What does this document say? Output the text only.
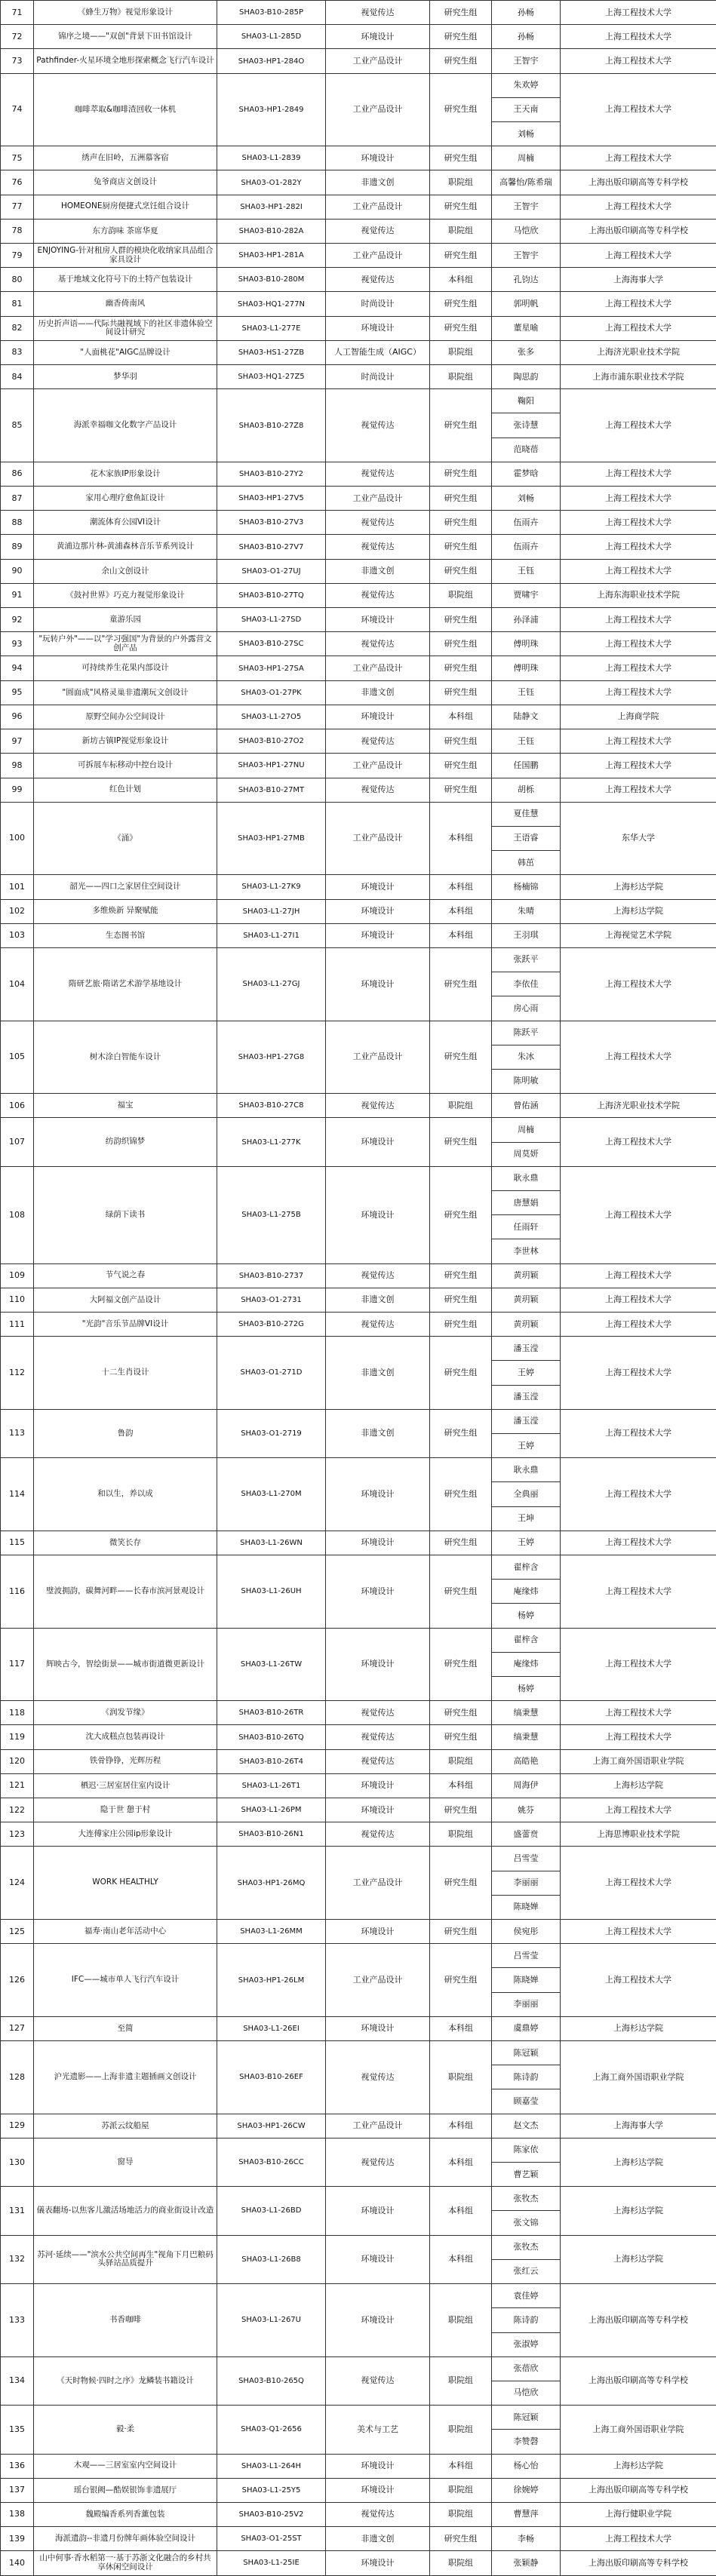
71	《蜂生万物》视觉形象设计	SHA03-B10-285P	视觉传达	研究生组	孙畅	上海工程技术大学
72	锦序之境——"双创"背景下田书馆设计	SHA03-L1-285D	环境设计	研究生组	孙畅	上海工程技术大学
73	Pathfinder-火星环境全地形探索概念飞行汽车设计	SHA03-HP1-284O	工业产品设计	研究生组	王智宇	上海工程技术大学
74	咖啡萃取&咖啡渣回收一体机	SHA03-HP1-2849	工业产品设计	研究生组	朱欢婷	上海工程技术大学
					王天南	
					刘畅	
75	绣声在旧岭，五洲慕客宿	SHA03-L1-2839	环境设计	研究生组	周楠	上海工程技术大学
76	兔爷商店文创设计	SHA03-O1-282Y	非遗文创	职院组	高馨怡/陈希瑞	上海出版印刷高等专科学校
77	HOMEONE厨房便捷式烹饪组合设计	SHA03-HP1-282I	工业产品设计	研究生组	王智宇	上海工程技术大学
78	东方韵味 茶席华夏	SHA03-B10-282A	视觉传达	职院组	马恺欣	上海出版印刷高等专科学校
79	ENJOYING-针对租房人群的模块化收纳家具品组合家具设计	SHA03-HP1-281A	工业产品设计	研究生组	王智宇	上海工程技术大学
80	基于地域文化符号下的土特产包装设计	SHA03-B10-280M	视觉传达	本科组	孔钧达	上海海事大学
81	幽香倚南风	SHA03-HQ1-277N	时尚设计	研究生组	郭明帆	上海工程技术大学
82	历史折声语——代际共融视域下的社区非遗体验空间设计研究	SHA03-L1-277E	环境设计	研究生组	董星喻	上海工程技术大学
83	"人面桃花"AIGC品牌设计	SHA03-HS1-27ZB	人工智能生成（AIGC）	职院组	张多	上海济光职业技术学院
84	梦华羽	SHA03-HQ1-27Z5	时尚设计	职院组	陶思韵	上海市浦东职业技术学院
85	海派幸福咖文化数字产品设计	SHA03-B10-27Z8	视觉传达	研究生组	鞠阳	上海工程技术大学
					张诗慧	
					范晓蓓	
86	花木家族IP形象设计	SHA03-B10-27Y2	视觉传达	研究生组	霍梦晗	上海工程技术大学
87	家用心理疗愈鱼缸设计	SHA03-HP1-27V5	工业产品设计	研究生组	刘畅	上海工程技术大学
88	潮流体育公园VI设计	SHA03-B10-27V3	视觉传达	研究生组	伍雨卉	上海工程技术大学
89	黄浦边那片林-黄浦森林音乐节系列设计	SHA03-B10-27V7	视觉传达	研究生组	伍雨卉	上海工程技术大学
90	余山文创设计	SHA03-O1-27UJ	非遗文创	研究生组	王钰	上海工程技术大学
91	《鼓衬世界》巧克力视觉形象设计	SHA03-B10-27TQ	视觉传达	职院组	贾啸宇	上海东海职业技术学院
92	童游乐园	SHA03-L1-27SD	环境设计	研究生组	孙泽浦	上海工程技术大学
93	"玩转户外"——以"学习强国"为背景的户外露营文创产品	SHA03-B10-27SC	视觉传达	研究生组	傅明珠	上海工程技术大学
94	可持续养生花果内部设计	SHA03-HP1-27SA	工业产品设计	研究生组	傅明珠	上海工程技术大学
95	"圆面成"风格灵巢非遗潮玩文创设计	SHA03-O1-27PK	非遗文创	研究生组	王钰	上海工程技术大学
96	原野空间办公空间设计	SHA03-L1-27O5	环境设计	本科组	陆静文	上海商学院
97	新坊古镇IP视觉形象设计	SHA03-B10-27O2	视觉传达	研究生组	王钰	上海工程技术大学
98	可拆展车标移动中控台设计	SHA03-HP1-27NU	工业产品设计	研究生组	任国鹏	上海工程技术大学
99	红色计划	SHA03-B10-27MT	视觉传达	研究生组	胡栎	上海工程技术大学
100	《涌》	SHA03-HP1-27MB	工业产品设计	本科组	夏佳慧	东华大学
					王语睿	
					韩茁	
101	韶光——四口之家居住空间设计	SHA03-L1-27K9	环境设计	本科组	杨楠锦	上海杉达学院
102	多维焕新 异聚赋能	SHA03-L1-27JH	环境设计	本科组	朱晴	上海杉达学院
103	生态图书馆	SHA03-L1-27I1	环境设计	本科组	王羽琪	上海视觉艺术学院
104	隋研艺旅·隋诺艺术游学基地设计	SHA03-L1-27GJ	环境设计	研究生组	张跃平	上海工程技术大学
					李依佳	
					房心雨	
105	树木涂白智能车设计	SHA03-HP1-27G8	工业产品设计	研究生组	陈跃平	上海工程技术大学
					朱冰	
					陈明敏	
106	福宝	SHA03-B10-27C8	视觉传达	职院组	曾佑涵	上海济光职业技术学院
107	纺韵织锦梦	SHA03-L1-277K	环境设计	研究生组	周楠	上海工程技术大学
					周莫妍	
108	绿荫下读书	SHA03-L1-275B	环境设计	研究生组	耿永鼎	上海工程技术大学
					唐慧娟	
					任雨轩	
					李世林	
109	节气说之春	SHA03-B10-2737	视觉传达	研究生组	黄玥颖	上海工程技术大学
110	大阿福文创产品设计	SHA03-O1-2731	非遗文创	研究生组	黄玥颖	上海工程技术大学
111	"光韵"音乐节品牌VI设计	SHA03-B10-272G	视觉传达	研究生组	黄玥颖	上海工程技术大学
112	十二生肖设计	SHA03-O1-271D	非遗文创	研究生组	潘玉滢	上海工程技术大学
					王婷	
					潘玉滢	
113	鲁韵	SHA03-O1-2719	非遗文创	研究生组	潘玉滢	上海工程技术大学
					王婷	
114	和以生，养以成	SHA03-L1-270M	环境设计	研究生组	耿永鼎	上海工程技术大学
					全典丽	
					王坤	
115	微笑长存	SHA03-L1-26WN	环境设计	研究生组	王婷	上海工程技术大学
116	璧波拥韵，碳舞河畔——长春市滨河景观设计	SHA03-L1-26UH	环境设计	研究生组	翟梓含	上海工程技术大学
					庵缘炜	
					杨婷	
117	辉映古今，智绘街景——城市街道微更新设计	SHA03-L1-26TW	环境设计	研究生组	翟梓含	上海工程技术大学
					庵缘炜	
					杨婷	
118	《润发节缘》	SHA03-B10-26TR	视觉传达	研究生组	缟秉慧	上海工程技术大学
119	沈大成糕点包装再设计	SHA03-B10-26TQ	视觉传达	研究生组	缟秉慧	上海工程技术大学
120	铁骨铮铮，光辉历程	SHA03-B10-26T4	视觉传达	职院组	高皓艳	上海工商外国语职业学院
121	栖迟·三居室居住室内设计	SHA03-L1-26T1	环境设计	本科组	周海伊	上海杉达学院
122	隐于世 憩于村	SHA03-L1-26PM	环境设计	研究生组	姚芬	上海工程技术大学
123	大连傅家庄公园ip形象设计	SHA03-B10-26N1	视觉传达	职院组	盛蕾贲	上海思博职业技术学院
124	WORK HEALTHLY	SHA03-HP1-26MQ	工业产品设计	研究生组	吕雪莹	上海工程技术大学
					李丽丽	
					陈晓婵	
125	福寿·南山老年活动中心	SHA03-L1-26MM	环境设计	研究生组	侯宛彤	上海工程技术大学
126	IFC——城市单人飞行汽车设计	SHA03-HP1-26LM	工业产品设计	研究生组	吕雪莹	上海工程技术大学
					陈晓婵	
					李丽丽	
127	至简	SHA03-L1-26EI	环境设计	本科组	虞鼎婷	上海杉达学院
128	沪光遗影——上海非遗主题插画文创设计	SHA03-B10-26EF	视觉传达	职院组	陈冠颖	上海工商外国语职业学院
					陈诗韵	
					顾嘉莹	
129	苏派云纹船屋	SHA03-HP1-26CW	工业产品设计	本科组	赵文杰	上海海事大学
130	窗导	SHA03-B10-26CC	视觉传达	本科组	陈家依	上海杉达学院
					曹艺颖	
131	儀表翻场-以焦客儿激活场地活力的商业街设计改造	SHA03-L1-26BD	环境设计	本科组	张牧杰	上海杉达学院
					张文锦	
132	苏河·延续——"滨水公共空间再生"视角下月巴粮码头驿站品质提升	SHA03-L1-26B8	环境设计	本科组	张牧杰	上海杉达学院
					张红云	
133	书香咖啡	SHA03-L1-267U	环境设计	职院组	袁佳婷	上海出版印刷高等专科学校
					陈诗韵	
					张淑婷	
134	《天时物候·四时之序》龙鳞装书籍设计	SHA03-B10-265Q	视觉传达	职院组	张蓓欣	上海出版印刷高等专科学校
					马恺欣	
135	毅·柔	SHA03-Q1-2656	美术与工艺	职院组	陈冠颖	上海工商外国语职业学院
					李赞磬	
136	木观——三居室室内空间设计	SHA03-L1-264H	环境设计	本科组	杨心怡	上海杉达学院
137	瑶台银阙—酷娱银饰非遗展厅	SHA03-L1-25Y5	环境设计	职院组	徐婉婷	上海出版印刷高等专科学校
138	魏殿编香系列香薰包装	SHA03-B10-25V2	视觉传达	职院组	曹慧萍	上海行健职业学院
139	海派遗韵--非遗月份牌年画体验空间设计	SHA03-O1-25ST	非遗文创	研究生组	李畅	上海工程技术大学
140	山中何事·香水稻第一·基于苏浙文化融合的乡村共享休闲空间设计	SHA03-L1-25IE	环境设计	职院组	张颖静	上海出版印刷高等专科学校
